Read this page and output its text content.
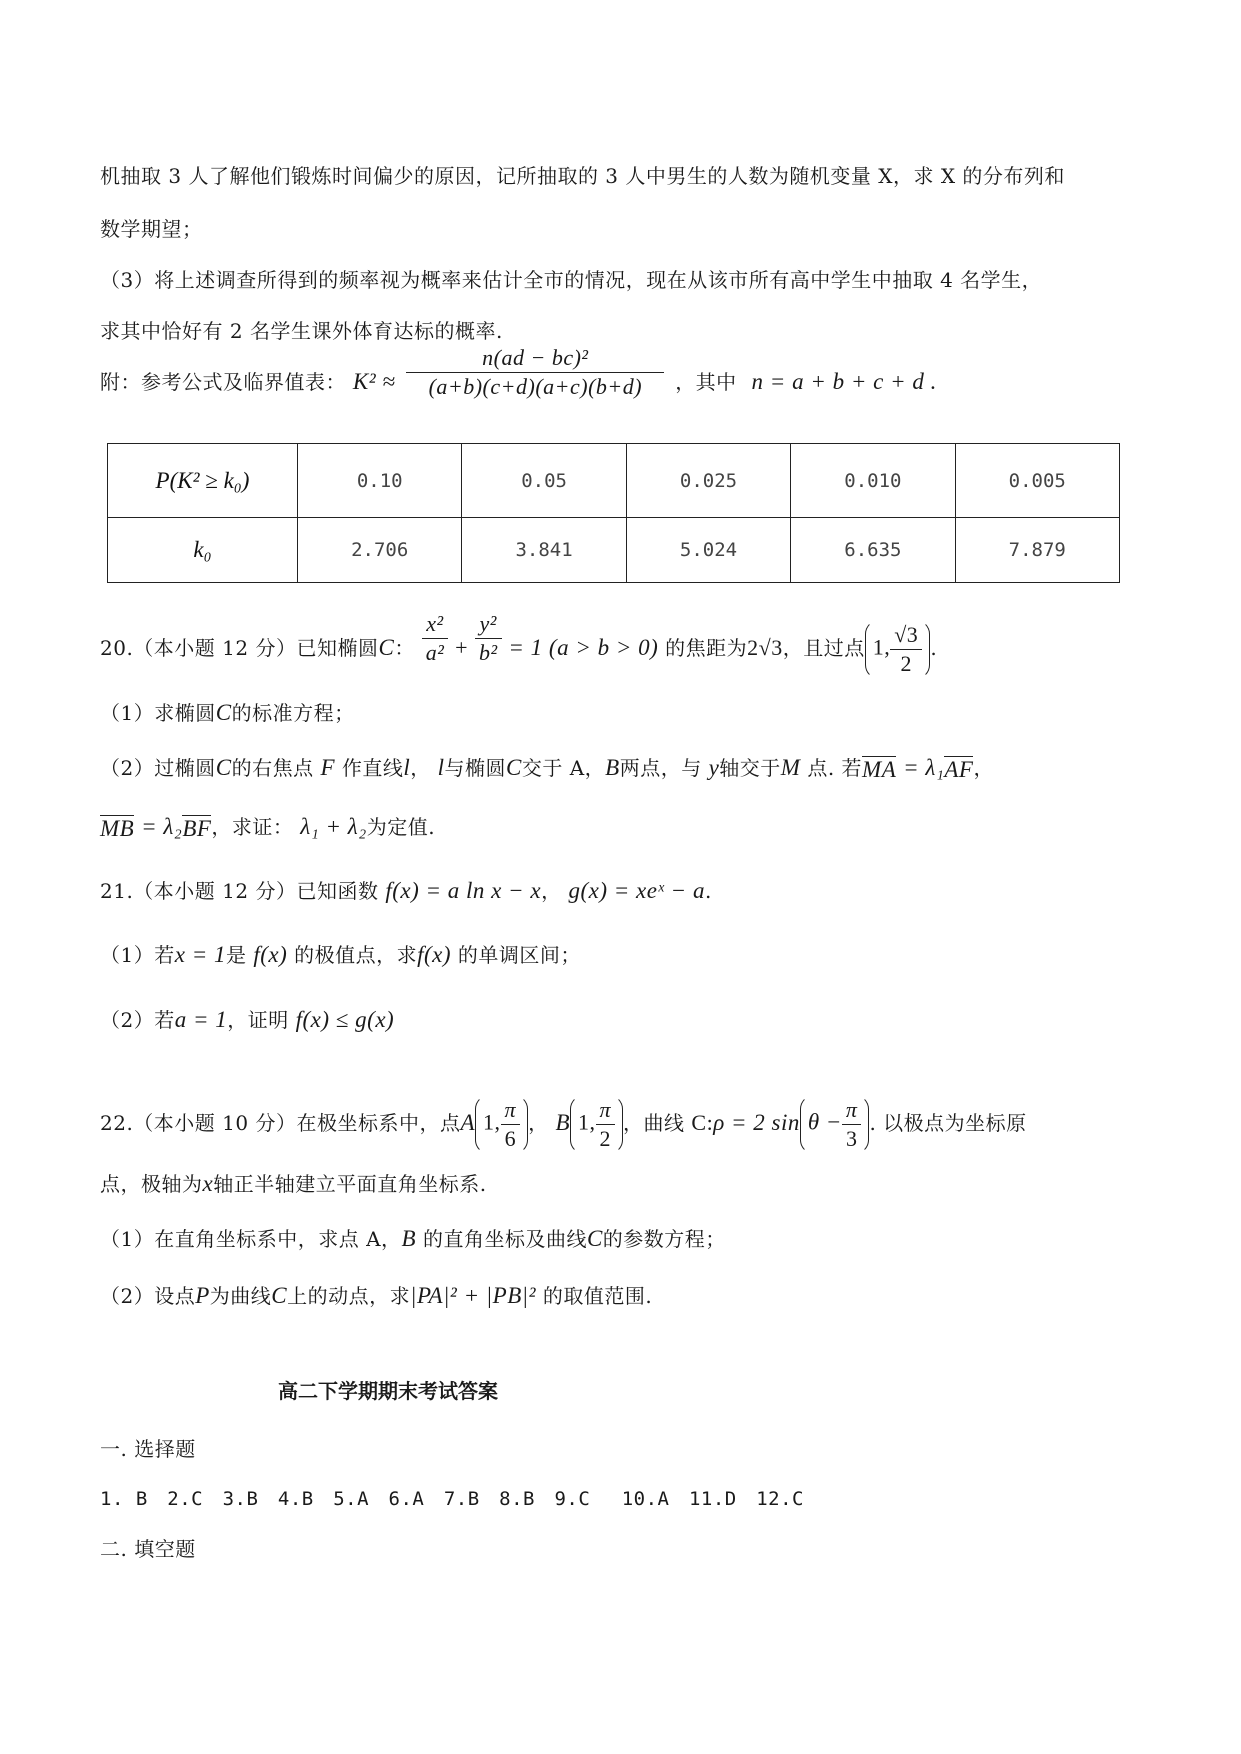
机抽取 3 人了解他们锻炼时间偏少的原因，记所抽取的 3 人中男生的人数为随机变量 X，求 X 的分布列和
数学期望；
（3）将上述调查所得到的频率视为概率来估计全市的情况，现在从该市所有高中学生中抽取 4 名学生，
求其中恰好有 2 名学生课外体育达标的概率.
附：参考公式及临界值表： $K^2 \approx \frac{\text{n(ad − bc)²}}{(a+b)(c+d)(a+c)(b+d)}$ ，其中 n = a + b + c + d .
P(K² ≥ k₀)	0.10	0.05	0.025	0.010	0.005
k₀	2.706	3.841	5.024	6.635	7.879
20.（本小题 12 分）已知椭圆C： $\frac{\text{x²}}{\text{a²}} + \frac{\text{y²}}{\text{b²}} = 1$ (a > b > 0) 的焦距为2√3，且过点 1, $\frac{√3}{2}$ .
（1）求椭圆C的标准方程；
（2）过椭圆C的右焦点 F 作直线l， l与椭圆C交于 A，B两点，与 y轴交于M 点. 若MA = λ₁AF，
MB = λ₂BF，求证： λ₁ + λ₂为定值.
21.（本小题 12 分）已知函数 f(x) = a ln x − x， g(x) = xeˣ − a.
（1）若x = 1是 f(x) 的极值点，求f(x) 的单调区间；
（2）若a = 1，证明 f(x) ≤ g(x)
22.（本小题 10 分）在极坐标系中，点A 1, $\frac{\pi}{6}$ ， B 1, $\frac{\pi}{2}$ ，曲线 C:ρ = 2 $\sin \theta - \frac{\pi}{3}$ . 以极点为坐标原
点，极轴为x轴正半轴建立平面直角坐标系.
（1）在直角坐标系中，求点 A，B 的直角坐标及曲线C的参数方程；
（2）设点P为曲线C上的动点，求|PA|² + |PB|² 的取值范围.
高二下学期期末考试答案
一. 选择题
1. B　2.C　3.B　4.B　5.A　6.A　7.B　8.B　9.C　 10.A　11.D　12.C
二. 填空题
